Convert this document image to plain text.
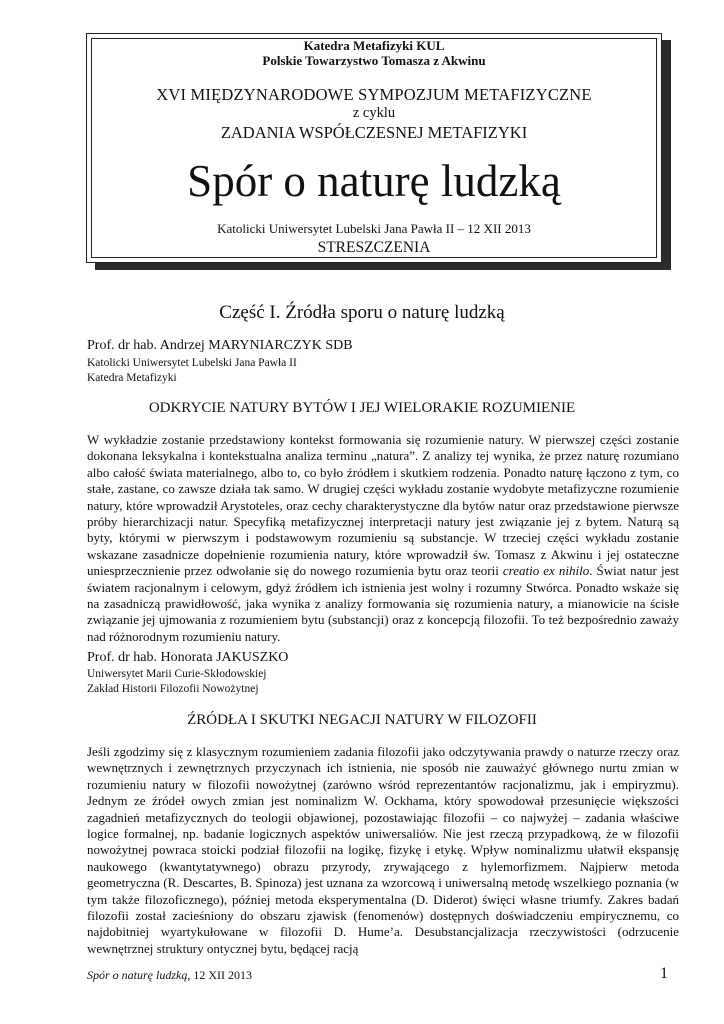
Katedra Metafizyki KUL
Polskie Towarzystwo Tomasza z Akwinu
XVI MIĘDZYNARODOWE SYMPOZJUM METAFIZYCZNE
z cyklu
ZADANIA WSPÓŁCZESNEJ METAFIZYKI
Spór o naturę ludzką
Katolicki Uniwersytet Lubelski Jana Pawła II – 12 XII 2013
STRESZCZENIA
Część I. Źródła sporu o naturę ludzką
Prof. dr hab. Andrzej MARYNIARCZYK SDB
Katolicki Uniwersytet Lubelski Jana Pawła II
Katedra Metafizyki
ODKRYCIE NATURY BYTÓW I JEJ WIELORAKIE ROZUMIENIE

W wykładzie zostanie przedstawiony kontekst formowania się rozumienie natury. W pierwszej części zostanie dokonana leksykalna i kontekstualna analiza terminu „natura”. Z analizy tej wynika, że przez naturę rozumiano albo całość świata materialnego, albo to, co było źródłem i skutkiem rodzenia. Ponadto naturę łączono z tym, co stałe, zastane, co zawsze działa tak samo. W drugiej części wykładu zostanie wydobyte metafizyczne rozumienie natury, które wprowadził Arystoteles, oraz cechy charakterystyczne dla bytów natur oraz przedstawione pierwsze próby hierarchizacji natur. Specyfiką metafizycznej interpretacji natury jest związanie jej z bytem. Naturą są byty, którymi w pierwszym i podstawowym rozumieniu są substancje. W trzeciej części wykładu zostanie wskazane zasadnicze dopełnienie rozumienia natury, które wprowadził św. Tomasz z Akwinu i jej ostateczne uniesprzecznienie przez odwołanie się do nowego rozumienia bytu oraz teorii creatio ex nihilo. Świat natur jest światem racjonalnym i celowym, gdyż źródłem ich istnienia jest wolny i rozumny Stwórca. Ponadto wskaże się na zasadniczą prawidłowość, jaka wynika z analizy formowania się rozumienia natury, a mianowicie na ścisłe związanie jej ujmowania z rozumieniem bytu (substancji) oraz z koncepcją filozofii. To też bezpośrednio zaważy nad różnorodnym rozumieniu natury.

Prof. dr hab. Honorata JAKUSZKO
Uniwersytet Marii Curie-Skłodowskiej
Zakład Historii Filozofii Nowożytnej
ŹRÓDŁA I SKUTKI NEGACJI NATURY W FILOZOFII

Jeśli zgodzimy się z klasycznym rozumieniem zadania filozofii jako odczytywania prawdy o naturze rzeczy oraz wewnętrznych i zewnętrznych przyczynach ich istnienia, nie sposób nie zauważyć głównego nurtu zmian w rozumieniu natury w filozofii nowożytnej (zarówno wśród reprezentantów racjonalizmu, jak i empiryzmu). Jednym ze źródeł owych zmian jest nominalizm W. Ockhama, który spowodował przesunięcie większości zagadnień metafizycznych do teologii objawionej, pozostawiając filozofii – co najwyżej – zadania właściwe logice formalnej, np. badanie logicznych aspektów uniwersaliów. Nie jest rzeczą przypadkową, że w filozofii nowożytnej powraca stoicki podział filozofii na logikę, fizykę i etykę. Wpływ nominalizmu ułatwił ekspansję naukowego (kwantytatywnego) obrazu przyrody, zrywającego z hylemorfizmem. Najpierw metoda geometryczna (R. Descartes, B. Spinoza) jest uznana za wzorcową i uniwersalną metodę wszelkiego poznania (w tym także filozoficznego), później metoda eksperymentalna (D. Diderot) święci własne triumfy. Zakres badań filozofii został zacieśniony do obszaru zjawisk (fenomenów) dostępnych doświadczeniu empirycznemu, co najdobitniej wyartykułowane w filozofii D. Hume’a. Desubstancjalizacja rzeczywistości (odrzucenie wewnętrznej struktury ontycznej bytu, będącej racją

Spór o naturę ludzką, 12 XII 2013	1
